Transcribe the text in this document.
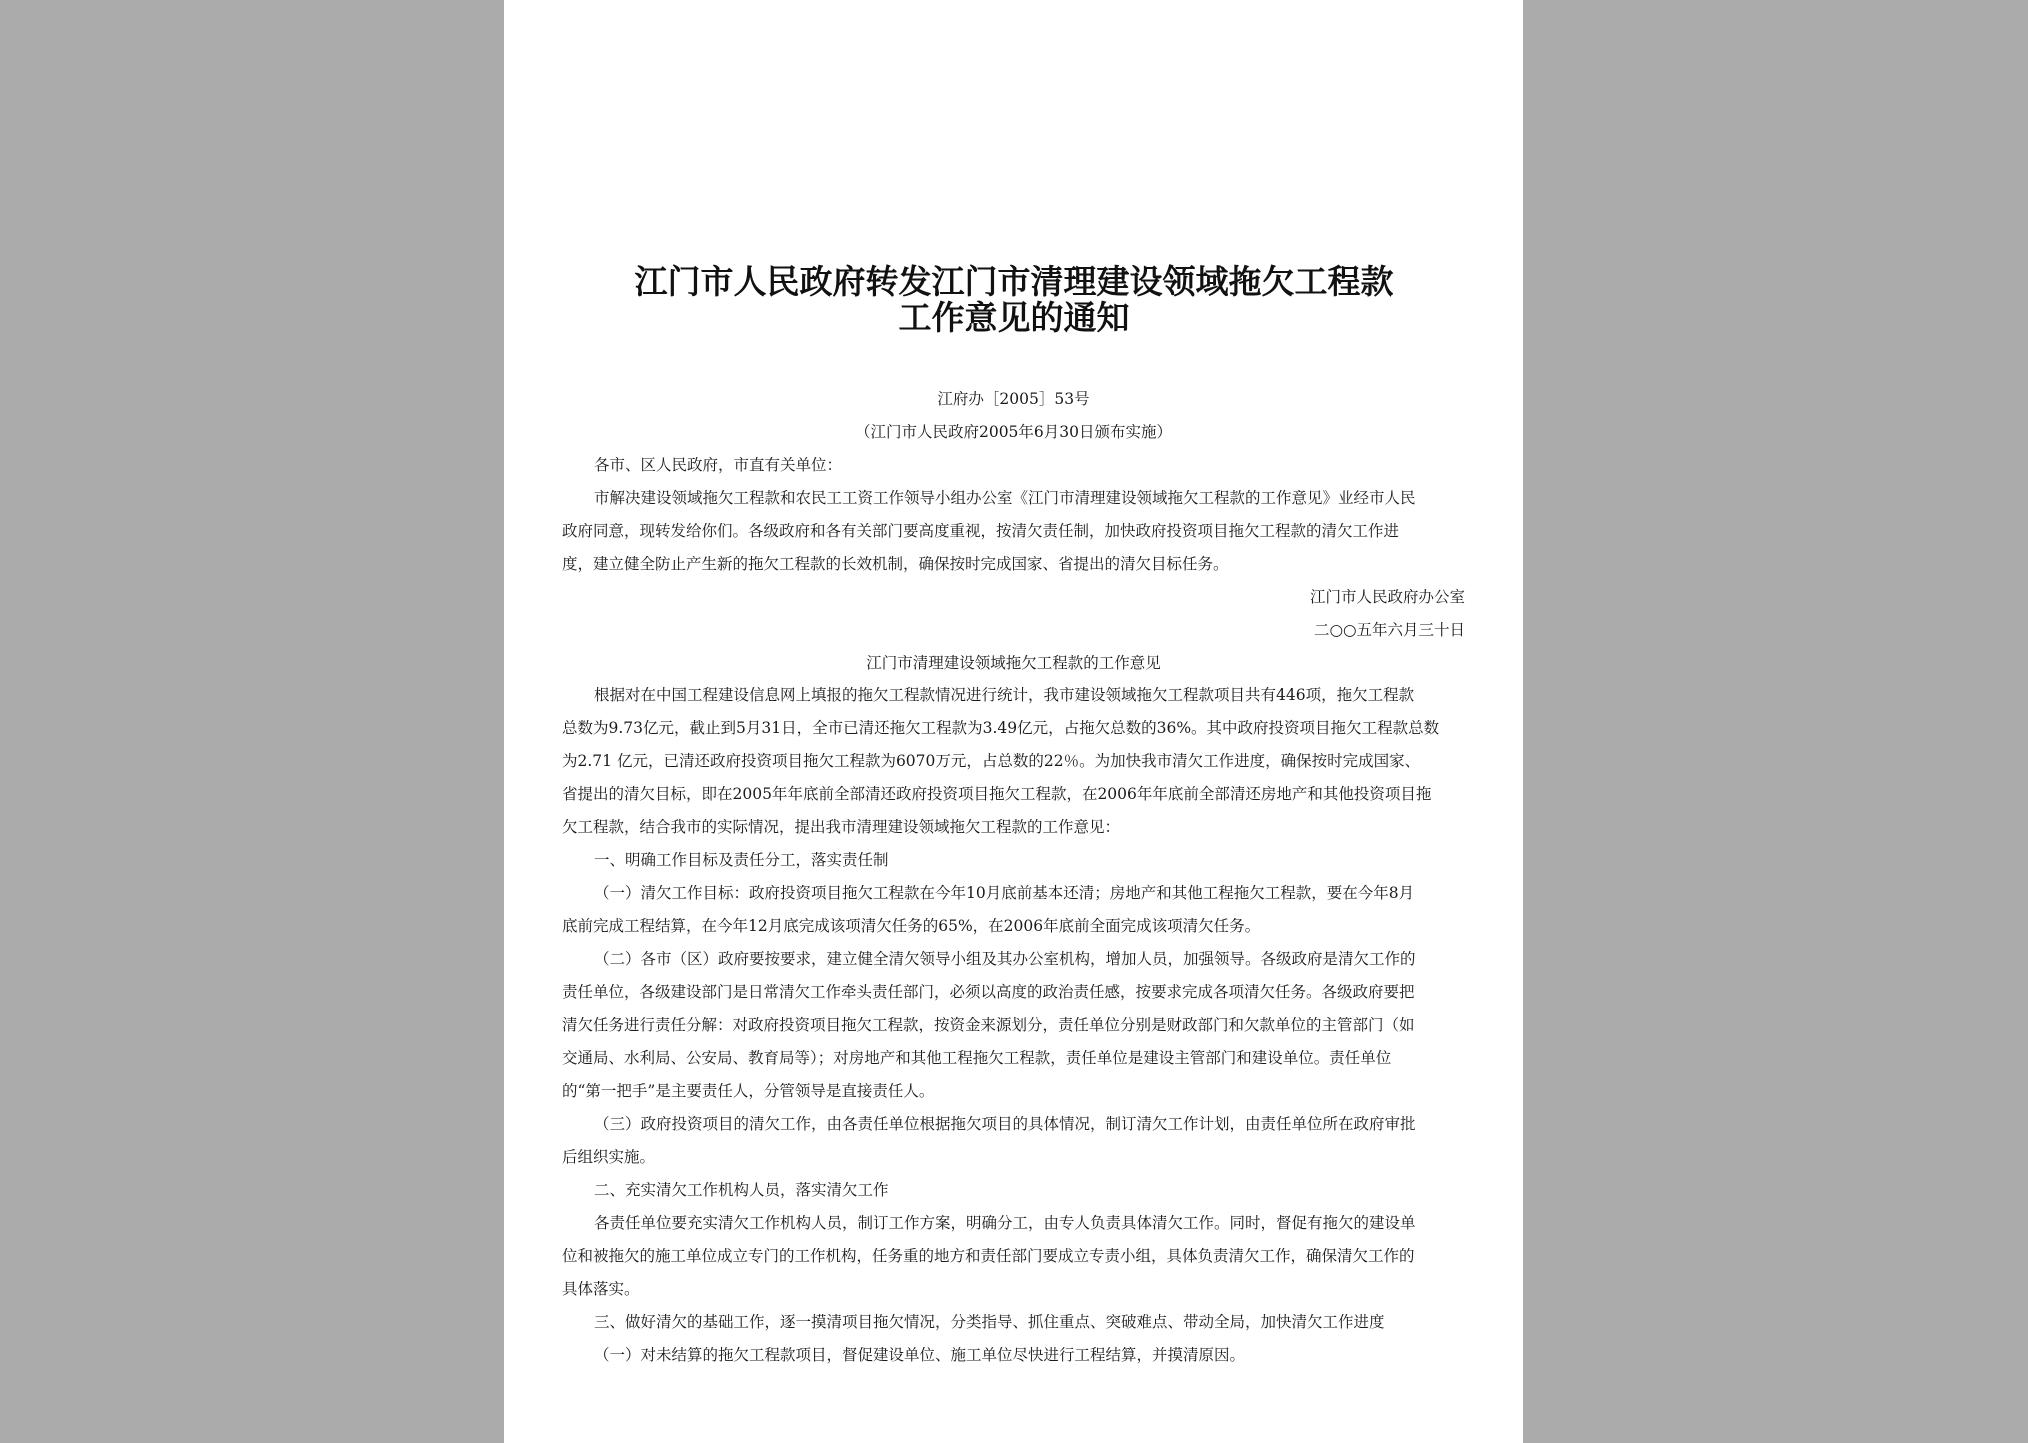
江门市人民政府转发江门市清理建设领域拖欠工程款
工作意见的通知
江府办［2005］53号
（江门市人民政府2005年6月30日颁布实施）
各市、区人民政府，市直有关单位：
市解决建设领域拖欠工程款和农民工工资工作领导小组办公室《江门市清理建设领域拖欠工程款的工作意见》业经市人民
政府同意，现转发给你们。各级政府和各有关部门要高度重视，按清欠责任制，加快政府投资项目拖欠工程款的清欠工作进
度，建立健全防止产生新的拖欠工程款的长效机制，确保按时完成国家、省提出的清欠目标任务。
江门市人民政府办公室
二○○五年六月三十日
江门市清理建设领域拖欠工程款的工作意见
根据对在中国工程建设信息网上填报的拖欠工程款情况进行统计，我市建设领域拖欠工程款项目共有446项，拖欠工程款
总数为9.73亿元，截止到5月31日，全市已清还拖欠工程款为3.49亿元，占拖欠总数的36%。其中政府投资项目拖欠工程款总数
为2.71 亿元，已清还政府投资项目拖欠工程款为6070万元，占总数的22％。为加快我市清欠工作进度，确保按时完成国家、
省提出的清欠目标，即在2005年年底前全部清还政府投资项目拖欠工程款，在2006年年底前全部清还房地产和其他投资项目拖
欠工程款，结合我市的实际情况，提出我市清理建设领域拖欠工程款的工作意见：
一、明确工作目标及责任分工，落实责任制
（一）清欠工作目标：政府投资项目拖欠工程款在今年10月底前基本还清；房地产和其他工程拖欠工程款，要在今年8月
底前完成工程结算，在今年12月底完成该项清欠任务的65%，在2006年底前全面完成该项清欠任务。
（二）各市（区）政府要按要求，建立健全清欠领导小组及其办公室机构，增加人员，加强领导。各级政府是清欠工作的
责任单位，各级建设部门是日常清欠工作牵头责任部门，必须以高度的政治责任感，按要求完成各项清欠任务。各级政府要把
清欠任务进行责任分解：对政府投资项目拖欠工程款，按资金来源划分，责任单位分别是财政部门和欠款单位的主管部门（如
交通局、水利局、公安局、教育局等）；对房地产和其他工程拖欠工程款，责任单位是建设主管部门和建设单位。责任单位
的“第一把手”是主要责任人，分管领导是直接责任人。
（三）政府投资项目的清欠工作，由各责任单位根据拖欠项目的具体情况，制订清欠工作计划，由责任单位所在政府审批
后组织实施。
二、充实清欠工作机构人员，落实清欠工作
各责任单位要充实清欠工作机构人员，制订工作方案，明确分工，由专人负责具体清欠工作。同时，督促有拖欠的建设单
位和被拖欠的施工单位成立专门的工作机构，任务重的地方和责任部门要成立专责小组，具体负责清欠工作，确保清欠工作的
具体落实。
三、做好清欠的基础工作，逐一摸清项目拖欠情况，分类指导、抓住重点、突破难点、带动全局，加快清欠工作进度
（一）对未结算的拖欠工程款项目，督促建设单位、施工单位尽快进行工程结算，并摸清原因。
